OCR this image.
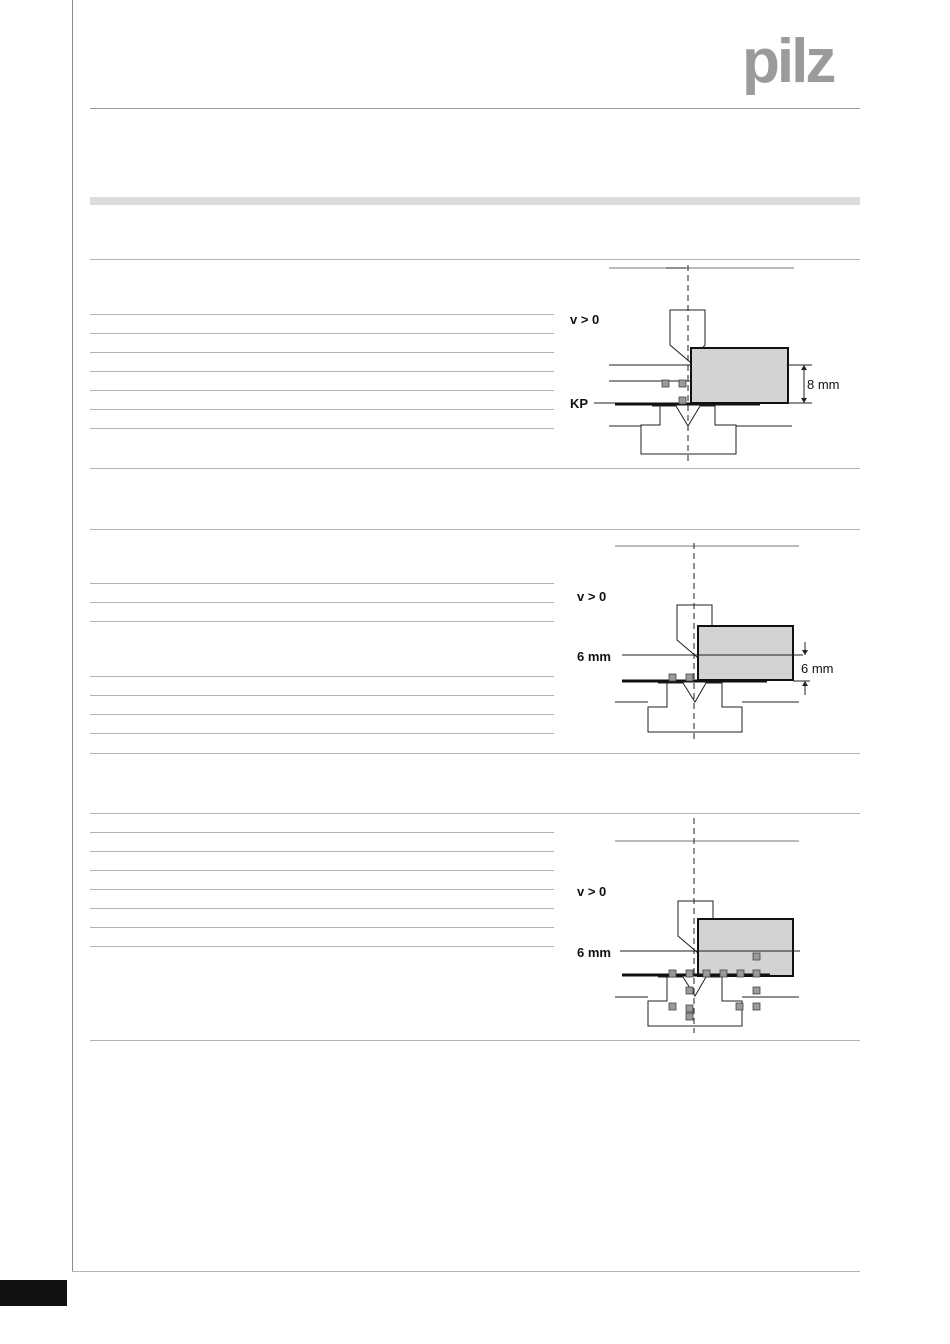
pilz
v > 0
KP
8 mm
v > 0
6 mm
6 mm
v > 0
6 mm
